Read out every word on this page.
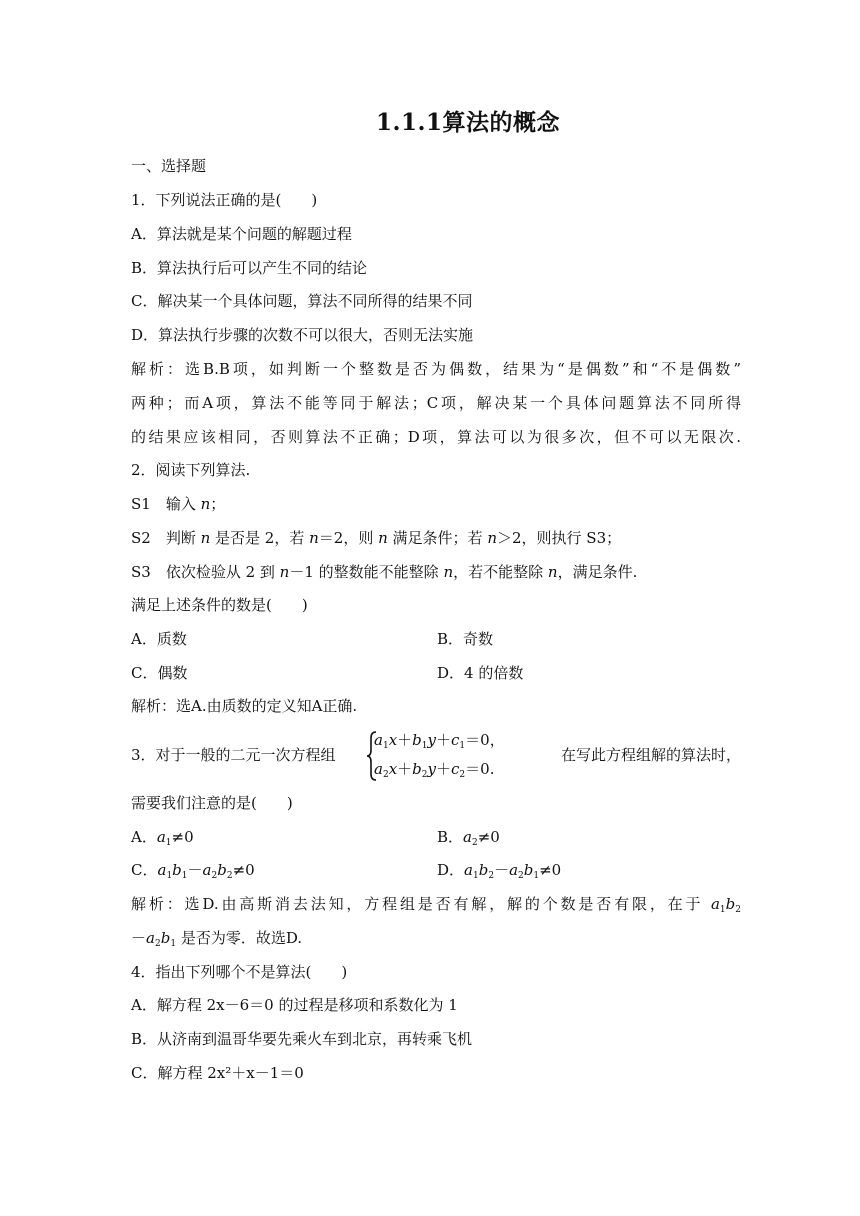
1.1.1算法的概念
一、选择题
1．下列说法正确的是(　　)
A．算法就是某个问题的解题过程
B．算法执行后可以产生不同的结论
C．解决某一个具体问题，算法不同所得的结果不同
D．算法执行步骤的次数不可以很大，否则无法实施
解析：选B.B项，如判断一个整数是否为偶数，结果为“是偶数”和“不是偶数”
两种；而A项，算法不能等同于解法；C项，解决某一个具体问题算法不同所得
的结果应该相同，否则算法不正确；D项，算法可以为很多次，但不可以无限次.
2．阅读下列算法.
S1　输入 n；
S2　判断 n 是否是 2，若 n＝2，则 n 满足条件；若 n＞2，则执行 S3；
S3　依次检验从 2 到 n－1 的整数能不能整除 n，若不能整除 n，满足条件.
满足上述条件的数是(　　)
A．质数	B．奇数
C．偶数	D．4 的倍数
解析：选A.由质数的定义知A正确.
3．对于一般的二元一次方程组
$a_1x+b_1y+c_1=0$，
$a_2x+b_2y+c_2=0$.
在写此方程组解的算法时，
需要我们注意的是(　　)
A．$a_1\ne 0$	B．$a_2\ne 0$
C．$a_1b_1-a_2b_2\ne 0$	D．$a_1b_2-a_2b_1\ne 0$
解析：选D.由高斯消去法知，方程组是否有解，解的个数是否有限，在于 $a_1b_2$
$-a_2b_1$ 是否为零．故选D.
4．指出下列哪个不是算法(　　)
A．解方程 2x－6＝0 的过程是移项和系数化为 1
B．从济南到温哥华要先乘火车到北京，再转乘飞机
C．解方程 2x²＋x－1＝0
